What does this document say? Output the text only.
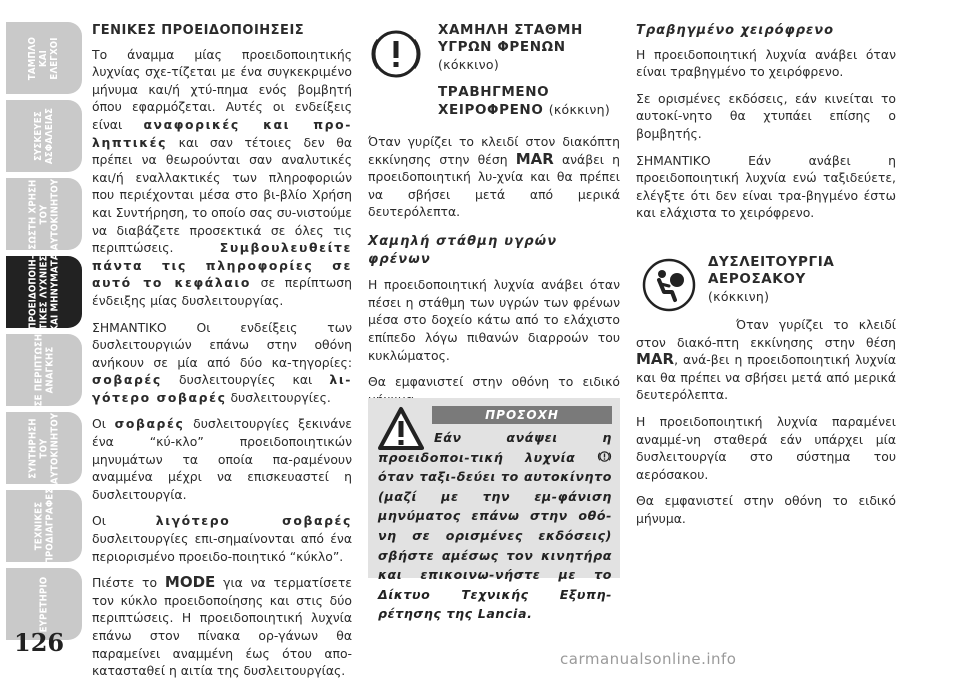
ΤΑΜΠΛΟ
ΚΑΙ
ΕΛΕΓΧΟΙ
ΣΥΣΚΕΥΕΣ
ΑΣΦΑΛΕΙΑΣ
ΣΩΣΤΗ ΧΡΗΣΗ
ΤΟΥ
ΑΥΤΟΚΙΝΗΤΟΥ
ΠΡΟΕΙΔΟΠΟΙΗ-
ΤΙΚΕΣ ΛΥΧΝΙΕΣ
ΚΑΙ ΜΗΝΥΜΑΤΑ
ΣΕ ΠΕΡΙΠΤΩΣΗ
ΑΝΑΓΚΗΣ
ΣΥΝΤΗΡΗΣΗ
ΤΟΥ
ΑΥΤΟΚΙΝΗΤΟΥ
ΤΕΧΝΙΚΕΣ
ΠΡΟΔΙΑΓΡΑΦΕΣ
ΕΥΡΕΤΗΡΙΟ
126
ΓΕΝΙΚΕΣ ΠΡΟΕΙΔΟΠΟΙΗΣΕΙΣ

Το άναμμα μίας προειδοποιητικής λυχνίας σχε-τίζεται με ένα συγκεκριμένο μήνυμα και/ή χτύ-πημα ενός βομβητή όπου εφαρμόζεται. Αυτές οι ενδείξεις είναι αναφορικές και προ-ληπτικές και σαν τέτοιες δεν θα πρέπει να θεωρούνται σαν αναλυτικές και/ή εναλλακτικές των πληροφοριών που περιέχονται μέσα στο βι-βλίο Χρήση και Συντήρηση, το οποίο σας συ-νιστούμε να διαβάζετε προσεκτικά σε όλες τις περιπτώσεις. Συμβουλευθείτε πάντα τις πληροφορίες σε αυτό το κεφάλαιο σε περίπτωση ένδειξης μίας δυσλειτουργίας.

ΣΗΜΑΝΤΙΚΟ Οι ενδείξεις των δυσλειτουργιών επάνω στην οθόνη ανήκουν σε μία από δύο κα-τηγορίες: σοβαρές δυσλειτουργίες και λι-γότερο σοβαρές δυσλειτουργίες.

Οι σοβαρές δυσλειτουργίες ξεκινάνε ένα “κύ-κλο” προειδοποιητικών μηνυμάτων τα οποία πα-ραμένουν αναμμένα μέχρι να επισκευαστεί η δυσλειτουργία.

Οι λιγότερο σοβαρές δυσλειτουργίες επι-σημαίνονται από ένα περιορισμένο προειδο-ποιητικό “κύκλο”.

Πιέστε το MODE για να τερματίσετε τον κύκλο προειδοποίησης και στις δύο περιπτώσεις. Η προειδοποιητική λυχνία επάνω στον πίνακα ορ-γάνων θα παραμείνει αναμμένη έως ότου απο-κατασταθεί η αιτία της δυσλειτουργίας.

ΧΑΜΗΛΗ ΣΤΑΘΜΗ ΥΓΡΩΝ ΦΡΕΝΩΝ
(κόκκινο)
ΤΡΑΒΗΓΜΕΝΟ ΧΕΙΡΟΦΡΕΝΟ (κόκκινη)

Όταν γυρίζει το κλειδί στον διακόπτη εκκίνησης στην θέση MAR ανάβει η προειδοποιητική λυ-χνία και θα πρέπει να σβήσει μετά από μερικά δευτερόλεπτα.

Χαμηλή στάθμη υγρών φρένων

Η προειδοποιητική λυχνία ανάβει όταν πέσει η στάθμη των υγρών των φρένων μέσα στο δοχείο κάτω από το ελάχιστο επίπεδο λόγω πιθανών διαρροών του κυκλώματος.

Θα εμφανιστεί στην οθόνη το ειδικό

ΠΡΟΣΟΧΗ
Εάν ανάψει η προειδοποι-τική λυχνία  όταν ταξι-δεύει το αυτοκίνητο (μαζί με την εμ-φάνιση μηνύματος επάνω στην οθό-νη σε ορισμένες εκδόσεις) σβήστε αμέσως τον κινητήρα και επικοινω-νήστε με το Δίκτυο Τεχνικής Εξυπη-ρέτησης της Lancia.
Τραβηγμένο χειρόφρενο

Η προειδοποιητική λυχνία ανάβει όταν είναι τραβηγμένο το χειρόφρενο.

Σε ορισμένες εκδόσεις, εάν κινείται το αυτοκί-νητο θα χτυπάει επίσης ο βομβητής.

ΣΗΜΑΝΤΙΚΟ Εάν ανάβει η προειδοποιητική λυχνία ενώ ταξιδεύετε, ελέγξτε ότι δεν είναι τρα-βηγμένο έστω και ελάχιστα το χειρόφρενο.

ΔΥΣΛΕΙΤΟΥΡΓΙΑ ΑΕΡΟΣΑΚΟΥ (κόκκινη)

Όταν γυρίζει το κλειδί στον διακό-πτη εκκίνησης στην θέση MAR, ανά-βει η προειδοποιητική λυχνία και θα πρέπει να σβήσει μετά από μερικά δευτερόλεπτα.

Η προειδοποιητική λυχνία παραμένει αναμμέ-νη σταθερά εάν υπάρχει μία δυσλειτουργία στο σύστημα του αερόσακου.

Θα εμφανιστεί στην οθόνη το ειδικό μήνυμα.

carmanualsonline.info
